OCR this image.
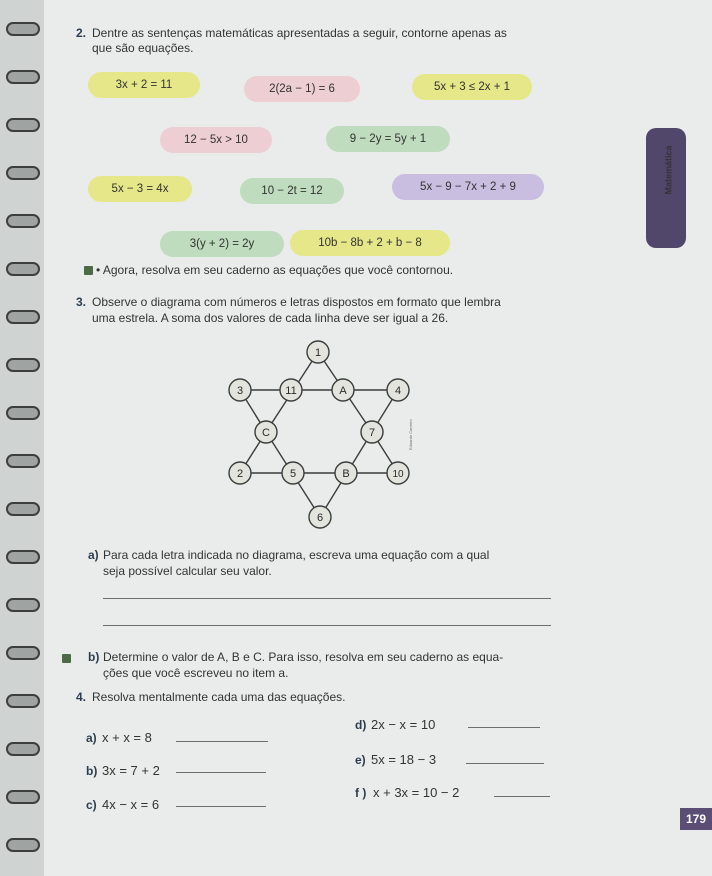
Matemática
2. Dentre as sentenças matemáticas apresentadas a seguir, contorne apenas as
que são equações.
3x + 2 = 11	2(2a − 1) = 6	5x + 3 ≤ 2x + 1
12 − 5x > 10	9 − 2y = 5y + 1
5x − 3 = 4x	10 − 2t = 12	5x − 9 − 7x + 2 + 9
3(y + 2) = 2y	10b − 8b + 2 + b − 8
• Agora, resolva em seu caderno as equações que você contornou.
3. Observe o diagrama com números e letras dispostos em formato que lembra
uma estrela. A soma dos valores de cada linha deve ser igual a 26.
1
3	11	A	4
C	7
2	5	B	10
6
Eduardo Carreiro
a) Para cada letra indicada no diagrama, escreva uma equação com a qual
seja possível calcular seu valor.
b) Determine o valor de A, B e C. Para isso, resolva em seu caderno as equa-
ções que você escreveu no item a.
4. Resolva mentalmente cada uma das equações.
a) x + x = 8
b) 3x = 7 + 2
c) 4x − x = 6
d) 2x − x = 10
e) 5x = 18 − 3
f ) x + 3x = 10 − 2
179
